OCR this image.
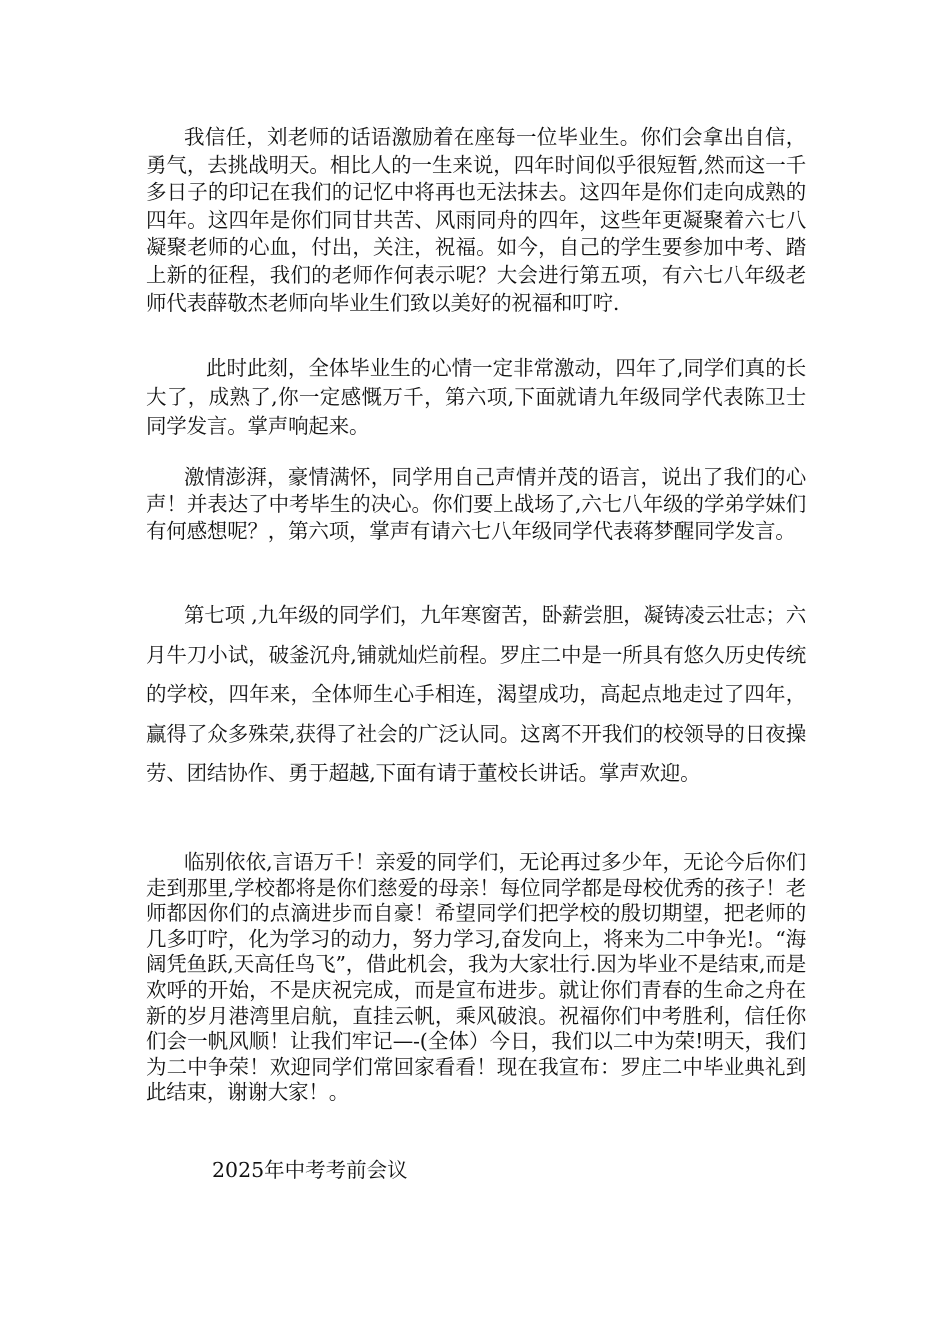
我信任，刘老师的话语激励着在座每一位毕业生。你们会拿出自信，勇气，去挑战明天。相比人的一生来说，四年时间似乎很短暂,然而这一千多日子的印记在我们的记忆中将再也无法抹去。这四年是你们走向成熟的四年。这四年是你们同甘共苦、风雨同舟的四年，这些年更凝聚着六七八凝聚老师的心血，付出，关注，祝福。如今，自己的学生要参加中考、踏上新的征程，我们的老师作何表示呢？大会进行第五项，有六七八年级老师代表薛敬杰老师向毕业生们致以美好的祝福和叮咛.

此时此刻，全体毕业生的心情一定非常激动，四年了,同学们真的长大了，成熟了,你一定感慨万千，第六项,下面就请九年级同学代表陈卫士同学发言。掌声响起来。

激情澎湃，豪情满怀，同学用自己声情并茂的语言，说出了我们的心声！并表达了中考毕生的决心。你们要上战场了,六七八年级的学弟学妹们有何感想呢？，第六项，掌声有请六七八年级同学代表蒋梦醒同学发言。

第七项 ,九年级的同学们，九年寒窗苦，卧薪尝胆，凝铸凌云壮志；六月牛刀小试，破釜沉舟,铺就灿烂前程。罗庄二中是一所具有悠久历史传统的学校，四年来，全体师生心手相连，渴望成功，高起点地走过了四年，赢得了众多殊荣,获得了社会的广泛认同。这离不开我们的校领导的日夜操劳、团结协作、勇于超越,下面有请于董校长讲话。掌声欢迎。

临别依依,言语万千！亲爱的同学们，无论再过多少年，无论今后你们走到那里,学校都将是你们慈爱的母亲！每位同学都是母校优秀的孩子！老师都因你们的点滴进步而自豪！希望同学们把学校的殷切期望，把老师的几多叮咛，化为学习的动力，努力学习,奋发向上，将来为二中争光!。“海阔凭鱼跃,天高任鸟飞”，借此机会，我为大家壮行.因为毕业不是结束,而是欢呼的开始，不是庆祝完成，而是宣布进步。就让你们青春的生命之舟在新的岁月港湾里启航，直挂云帆，乘风破浪。祝福你们中考胜利，信任你们会一帆风顺！让我们牢记—-(全体）今日，我们以二中为荣!明天，我们为二中争荣！欢迎同学们常回家看看！现在我宣布：罗庄二中毕业典礼到此结束，谢谢大家！。

2025年中考考前会议
